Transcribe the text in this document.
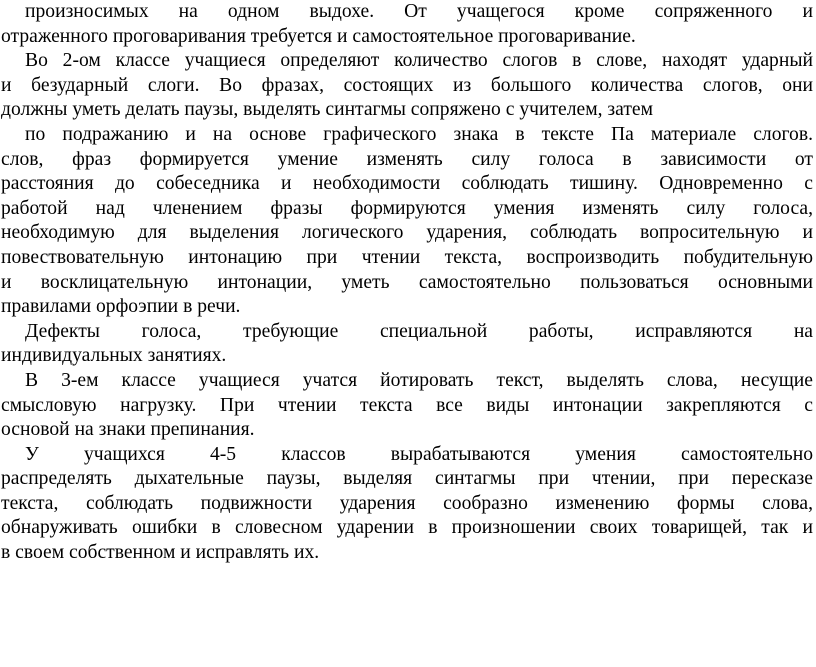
произносимых на одном выдохе. От учащегося кроме сопряженного и
отраженного проговаривания требуется и самостоятельное проговаривание.
Во 2-ом классе учащиеся определяют количество слогов в слове, находят ударный
и безударный слоги. Во фразах, состоящих из большого количества слогов, они
должны уметь делать паузы, выделять синтагмы сопряжено с учителем, затем
по подражанию и на основе графического знака в тексте Па материале слогов.
слов, фраз формируется умение изменять силу голоса в зависимости от
расстояния до собеседника и необходимости соблюдать тишину. Одновременно с
работой над членением фразы формируются умения изменять силу голоса,
необходимую для выделения логического ударения, соблюдать вопросительную и
повествовательную интонацию при чтении текста, воспроизводить побудительную
и восклицательную интонации, уметь самостоятельно пользоваться основными
правилами орфоэпии в речи.
Дефекты голоса, требующие специальной работы, исправляются на
индивидуальных занятиях.
В 3-ем классе учащиеся учатся йотировать текст, выделять слова, несущие
смысловую нагрузку. При чтении текста все виды интонации закрепляются с
основой на знаки препинания.
У учащихся 4-5 классов вырабатываются умения самостоятельно
распределять дыхательные паузы, выделяя синтагмы при чтении, при пересказе
текста, соблюдать подвижности ударения сообразно изменению формы слова,
обнаруживать ошибки в словесном ударении в произношении своих товарищей, так и
в своем собственном и исправлять их.
